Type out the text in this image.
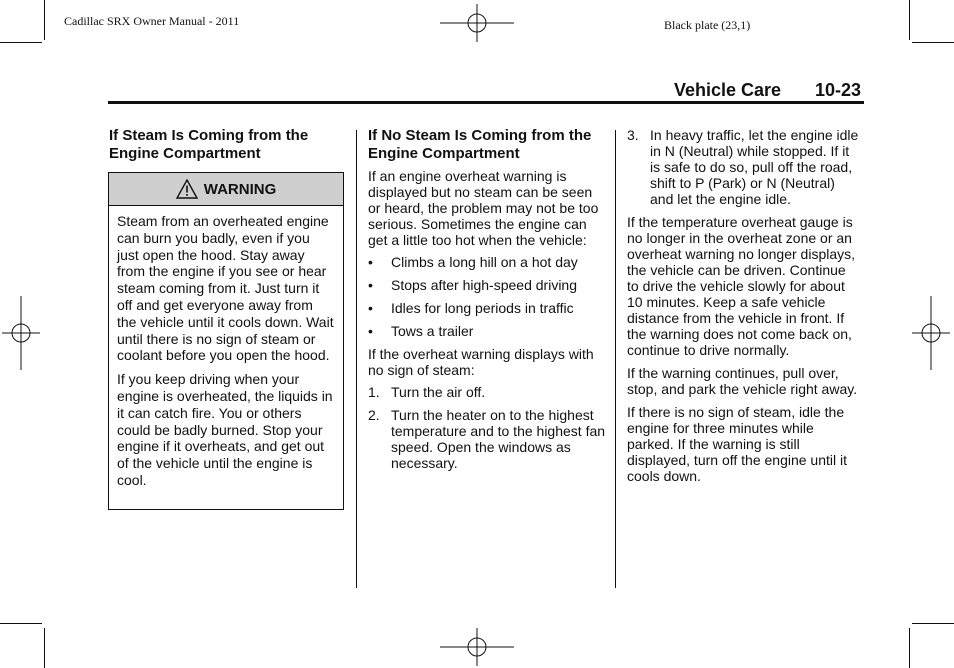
Cadillac SRX Owner Manual - 2011	Black plate (23,1)
Vehicle Care 10-23

If Steam Is Coming from the Engine Compartment

WARNING

Steam from an overheated engine can burn you badly, even if you just open the hood. Stay away from the engine if you see or hear steam coming from it. Just turn it off and get everyone away from the vehicle until it cools down. Wait until there is no sign of steam or coolant before you open the hood.

If you keep driving when your engine is overheated, the liquids in it can catch fire. You or others could be badly burned. Stop your engine if it overheats, and get out of the vehicle until the engine is cool.

If No Steam Is Coming from the Engine Compartment

If an engine overheat warning is displayed but no steam can be seen or heard, the problem may not be too serious. Sometimes the engine can get a little too hot when the vehicle:

•	Climbs a long hill on a hot day
•	Stops after high-speed driving
•	Idles for long periods in traffic
•	Tows a trailer

If the overheat warning displays with no sign of steam:

1. Turn the air off.
2. Turn the heater on to the highest temperature and to the highest fan speed. Open the windows as necessary.
3. In heavy traffic, let the engine idle in N (Neutral) while stopped. If it is safe to do so, pull off the road, shift to P (Park) or N (Neutral) and let the engine idle.

If the temperature overheat gauge is no longer in the overheat zone or an overheat warning no longer displays, the vehicle can be driven. Continue to drive the vehicle slowly for about 10 minutes. Keep a safe vehicle distance from the vehicle in front. If the warning does not come back on, continue to drive normally.

If the warning continues, pull over, stop, and park the vehicle right away.

If there is no sign of steam, idle the engine for three minutes while parked. If the warning is still displayed, turn off the engine until it cools down.
